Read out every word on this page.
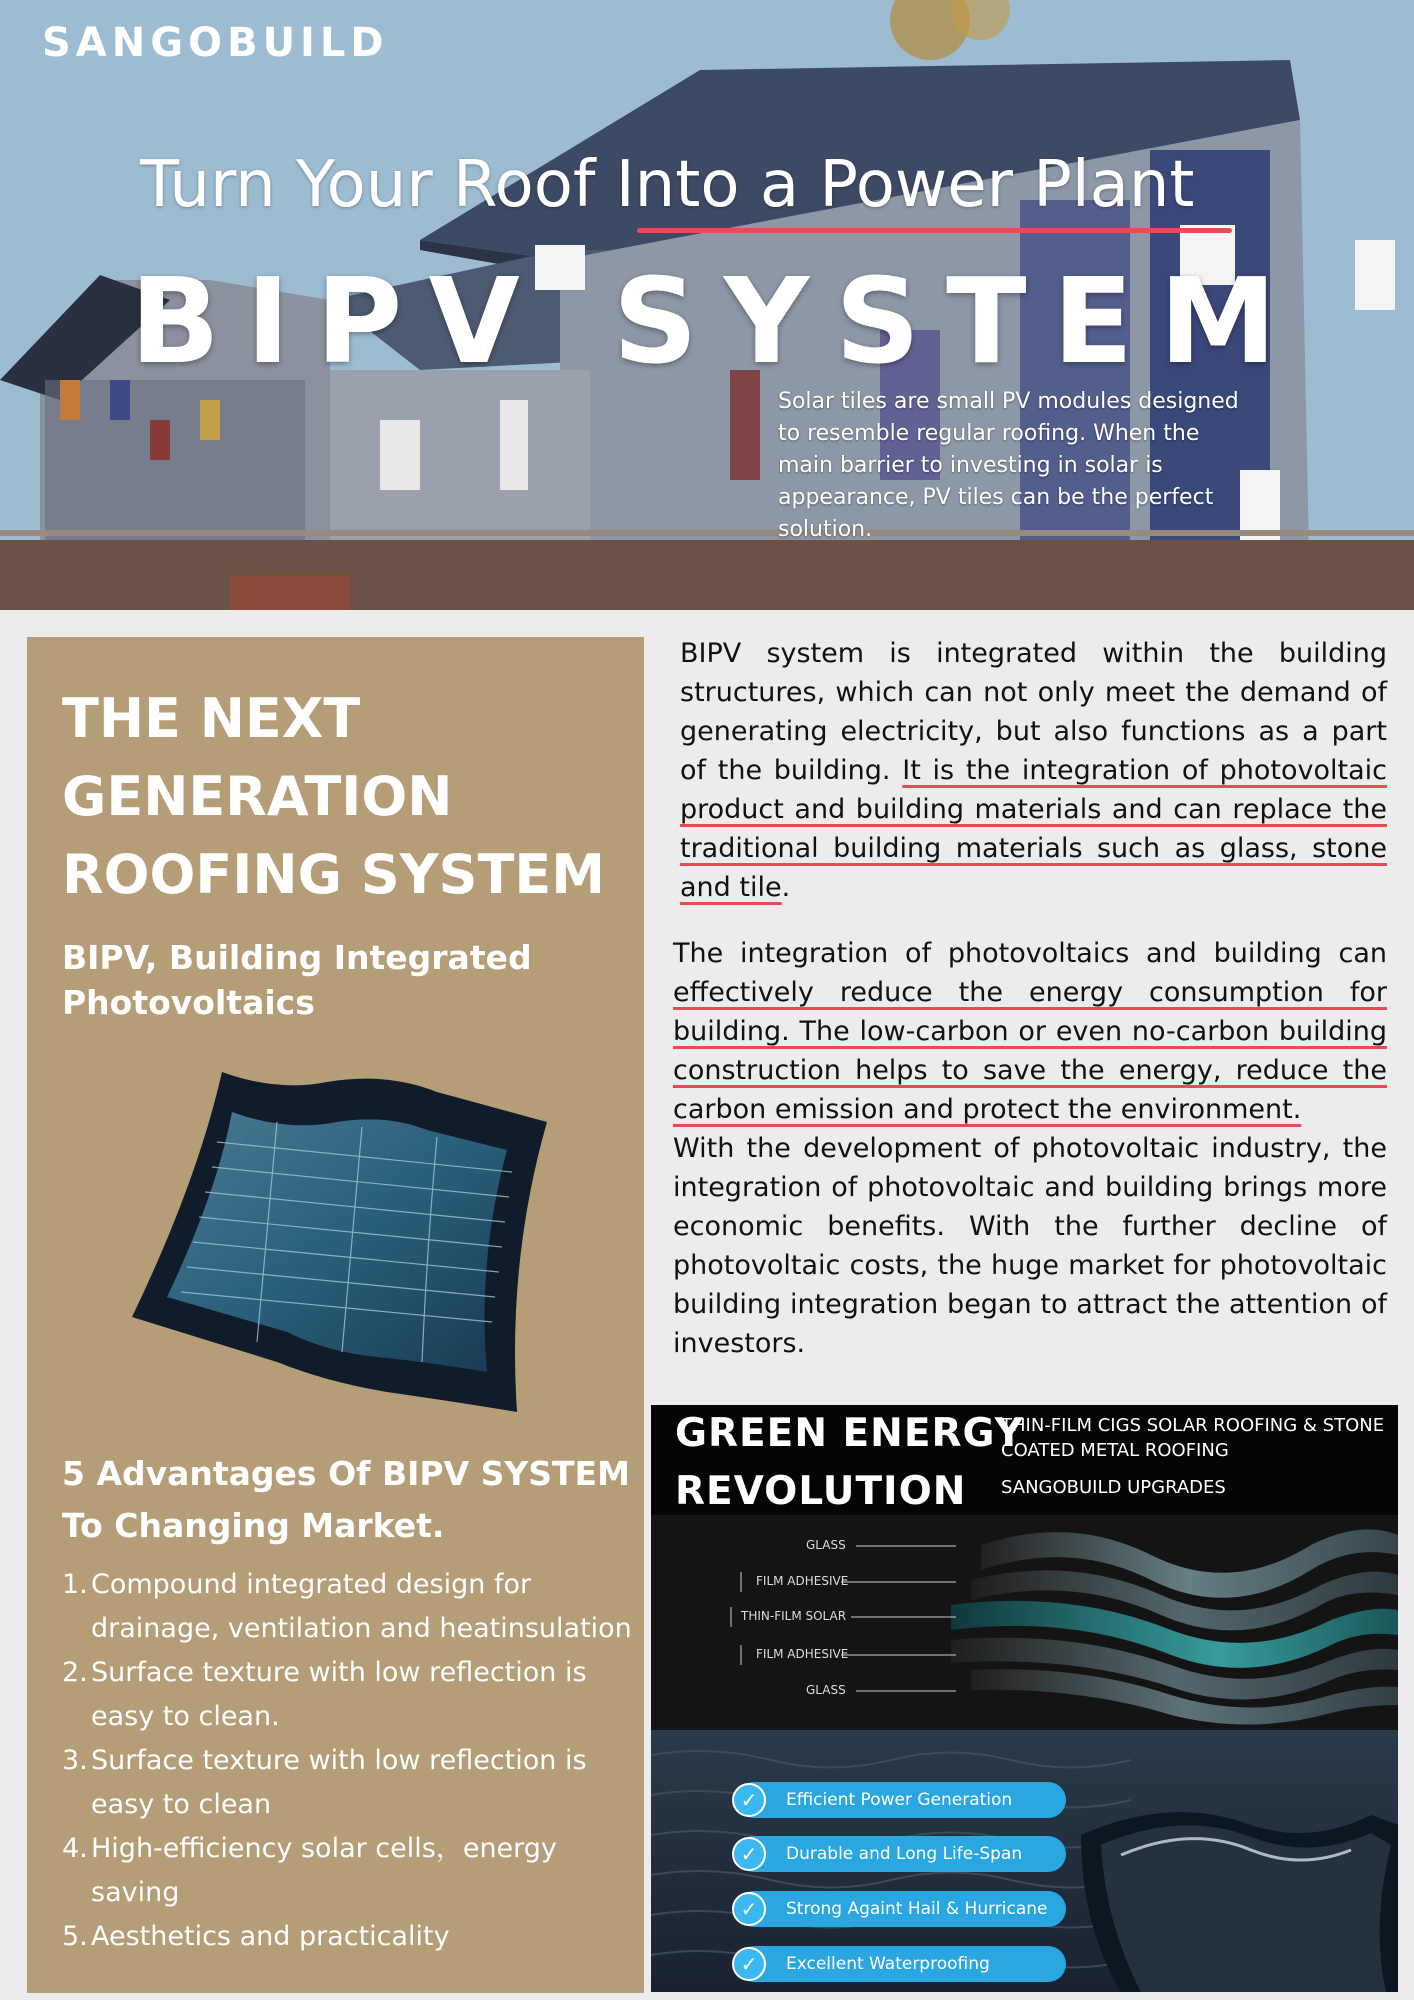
SANGOBUILD
Turn Your Roof Into a Power Plant
BIPV SYSTEM
Solar tiles are small PV modules designed to resemble regular roofing. When the main barrier to investing in solar is appearance, PV tiles can be the perfect solution.
THE NEXT GENERATION ROOFING SYSTEM
BIPV, Building Integrated Photovoltaics
5 Advantages Of BIPV SYSTEM To Changing Market.
1. Compound integrated design for drainage, ventilation and heatinsulation
2. Surface texture with low reflection is easy to clean.
3. Surface texture with low reflection is easy to clean
4. High-efficiency solar cells，energy saving
5. Aesthetics and practicality

BIPV system is integrated within the building structures, which can not only meet the demand of generating electricity, but also functions as a part of the building. It is the integration of photovoltaic product and building materials and can replace the traditional building materials such as glass, stone and tile.

The integration of photovoltaics and building can effectively reduce the energy consumption for building. The low-carbon or even no-carbon building construction helps to save the energy, reduce the carbon emission and protect the environment.

With the development of photovoltaic industry, the integration of photovoltaic and building brings more economic benefits. With the further decline of photovoltaic costs, the huge market for photovoltaic building integration began to attract the attention of investors.

GREEN ENERGY
REVOLUTION
THIN-FILM CIGS SOLAR ROOFING & STONE COATED METAL ROOFING
SANGOBUILD UPGRADES
GLASS
FILM ADHESIVE
THIN-FILM SOLAR
FILM ADHESIVE
GLASS
✓	Efficient Power Generation
✓	Durable and Long Life-Span
✓	Strong Againt Hail & Hurricane
✓	Excellent Waterproofing
